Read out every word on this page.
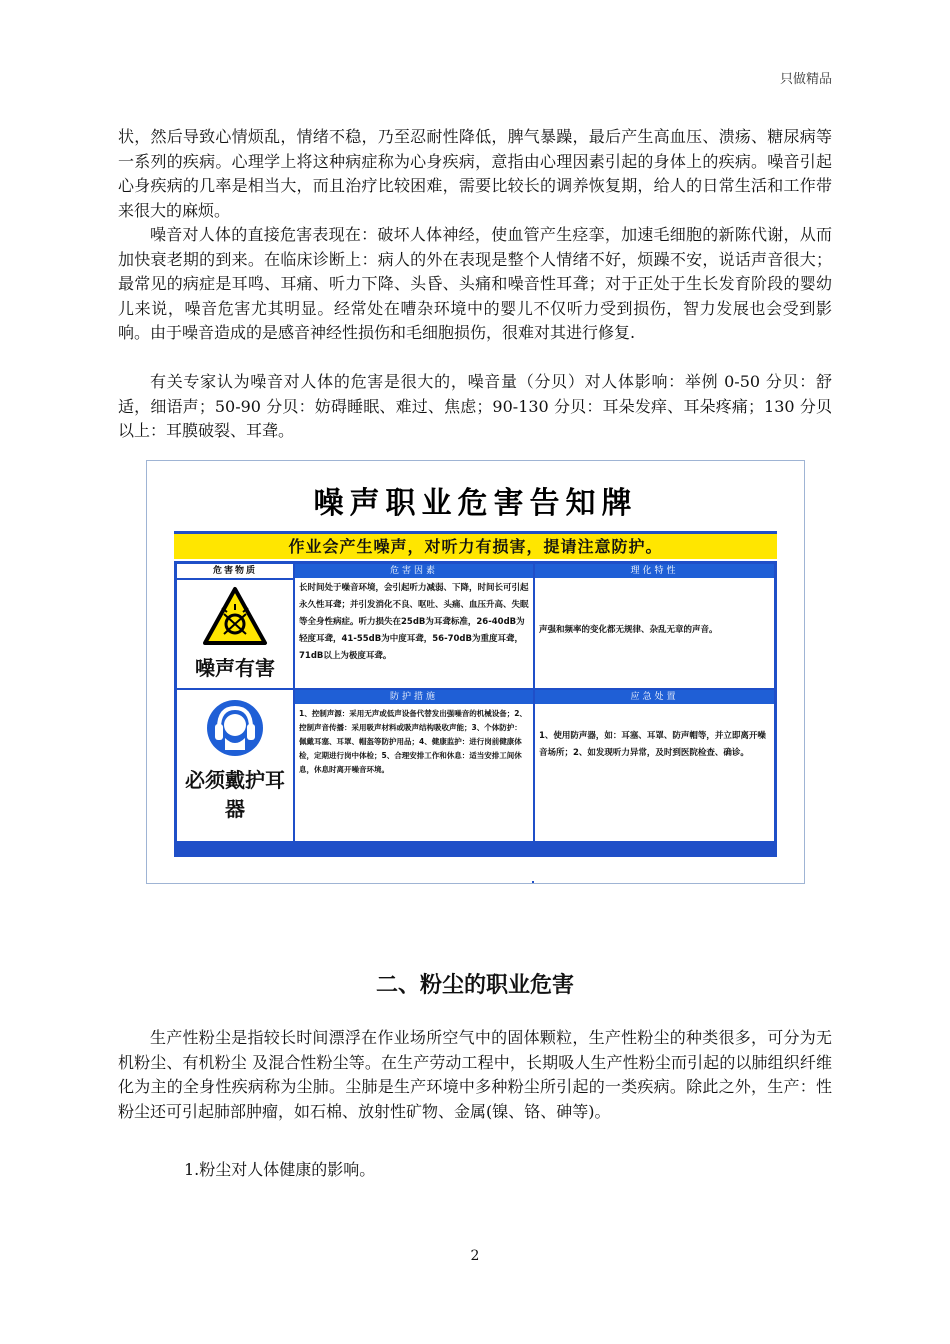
只做精品

状，然后导致心情烦乱，情绪不稳，乃至忍耐性降低，脾气暴躁，最后产生高血压、溃疡、糖尿病等一系列的疾病。心理学上将这种病症称为心身疾病，意指由心理因素引起的身体上的疾病。噪音引起心身疾病的几率是相当大，而且治疗比较困难，需要比较长的调养恢复期，给人的日常生活和工作带来很大的麻烦。

噪音对人体的直接危害表现在：破坏人体神经，使血管产生痉挛，加速毛细胞的新陈代谢，从而加快衰老期的到来。在临床诊断上：病人的外在表现是整个人情绪不好，烦躁不安，说话声音很大；最常见的病症是耳鸣、耳痛、听力下降、头昏、头痛和噪音性耳聋；对于正处于生长发育阶段的婴幼儿来说，噪音危害尤其明显。经常处在嘈杂环境中的婴儿不仅听力受到损伤，智力发展也会受到影响。由于噪音造成的是感音神经性损伤和毛细胞损伤，很难对其进行修复.

有关专家认为噪音对人体的危害是很大的，噪音量（分贝）对人体影响：举例 0-50 分贝：舒适，细语声；50-90 分贝：妨碍睡眠、难过、焦虑；90-130 分贝：耳朵发痒、耳朵疼痛；130 分贝以上：耳膜破裂、耳聋。

噪声职业危害告知牌
作业会产生噪声，对听力有损害，提请注意防护。
危害物质
噪声有害
必须戴护耳器
危害因素	理化特性
长时间处于噪音环境，会引起听力减弱、下降，时间长可引起永久性耳聋；并引发消化不良、呕吐、头痛、血压升高、失眠等全身性病症。听力损失在25dB为耳聋标准，26-40dB为轻度耳聋，41-55dB为中度耳聋，56-70dB为重度耳聋，71dB以上为极度耳聋。
声强和频率的变化都无规律、杂乱无章的声音。
防护措施	应急处置
1、控制声源：采用无声或低声设备代替发出强噪音的机械设备；2、控制声音传播：采用吸声材料或吸声结构吸收声能；3、个体防护：佩戴耳塞、耳罩、帽盔等防护用品；4、健康监护：进行岗前健康体检，定期进行岗中体检；5、合理安排工作和休息：适当安排工间休息，休息时离开噪音环境。
1、使用防声器，如：耳塞、耳罩、防声帽等，并立即离开噪音场所；2、如发现听力异常，及时到医院检查、确诊。
二、粉尘的职业危害

生产性粉尘是指较长时间漂浮在作业场所空气中的固体颗粒，生产性粉尘的种类很多，可分为无机粉尘、有机粉尘 及混合性粉尘等。在生产劳动工程中，长期吸人生产性粉尘而引起的以肺组织纤维化为主的全身性疾病称为尘肺。尘肺是生产环境中多种粉尘所引起的一类疾病。除此之外，生产：性粉尘还可引起肺部肿瘤，如石棉、放射性矿物、金属(镍、铬、砷等)。

1.粉尘对人体健康的影响。

2
